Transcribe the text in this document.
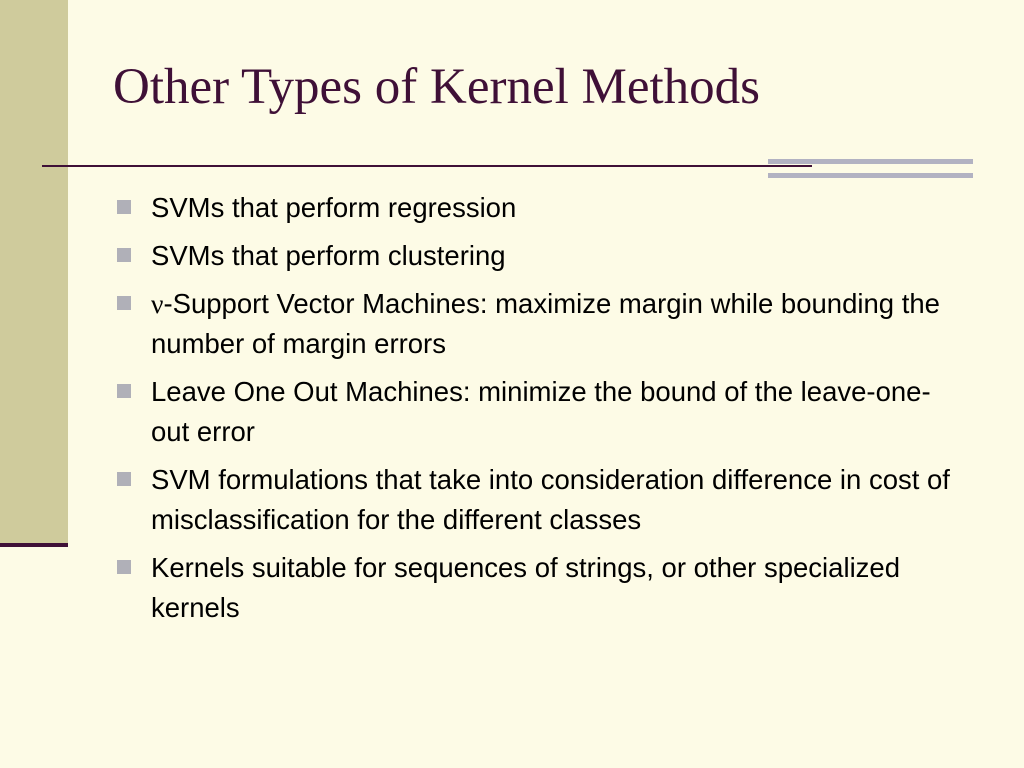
Other Types of Kernel Methods
SVMs that perform regression
SVMs that perform clustering
ν-Support Vector Machines: maximize margin while bounding the number of margin errors
Leave One Out Machines: minimize the bound of the leave-one-out error
SVM formulations that take into consideration difference in cost of misclassification for the different classes
Kernels suitable for sequences of strings, or other specialized kernels
